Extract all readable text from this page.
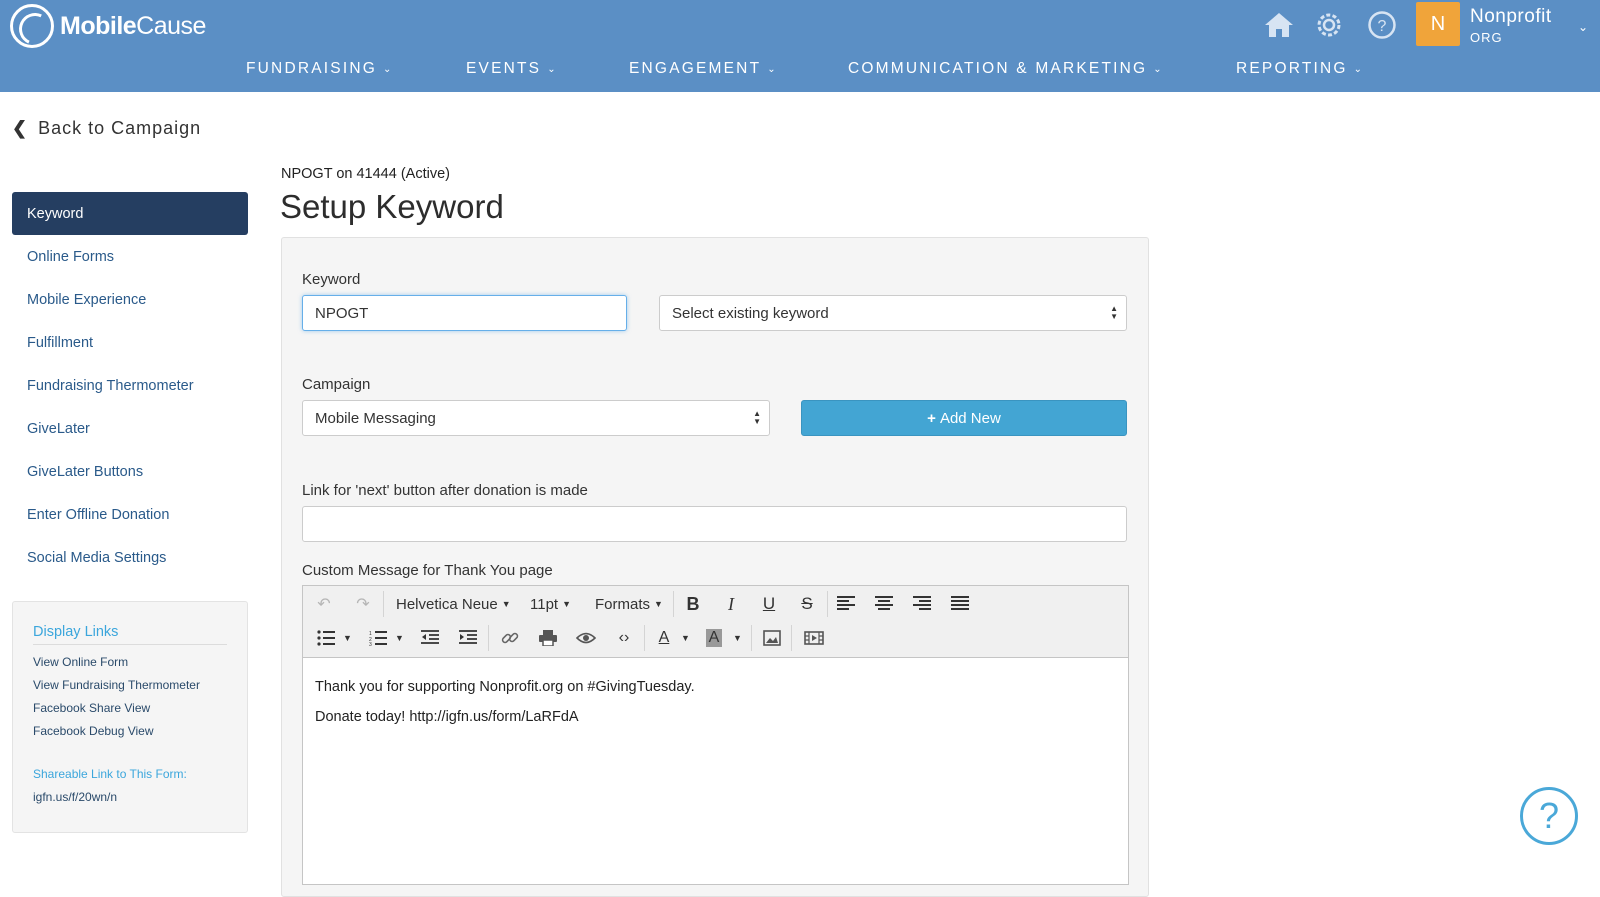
MobileCause	?	N	Nonprofit
ORG
⌄
FUNDRAISING ⌄	EVENTS ⌄	ENGAGEMENT ⌄	COMMUNICATION & MARKETING ⌄	REPORTING ⌄
❮ Back to Campaign
Keyword
Online Forms
Mobile Experience
Fulfillment
Fundraising Thermometer
GiveLater
GiveLater Buttons
Enter Offline Donation
Social Media Settings
Display Links
View Online Form
View Fundraising Thermometer
Facebook Share View
Facebook Debug View
Shareable Link to This Form:
igfn.us/f/20wn/n
NPOGT on 41444 (Active)
Setup Keyword
Keyword
NPOGT	Select existing keyword	▲
▼
Campaign
Mobile Messaging	▲
▼	+ Add New
Link for 'next' button after donation is made
Custom Message for Thank You page
↶	↷	Helvetica Neue ▼ 11pt ▼ Formats ▼	B	I	U	S
▼	1
2
3
▼	‹›	A	▼ A	▼
Thank you for supporting Nonprofit.org on #GivingTuesday.
Donate today! http://igfn.us/form/LaRFdA
?
